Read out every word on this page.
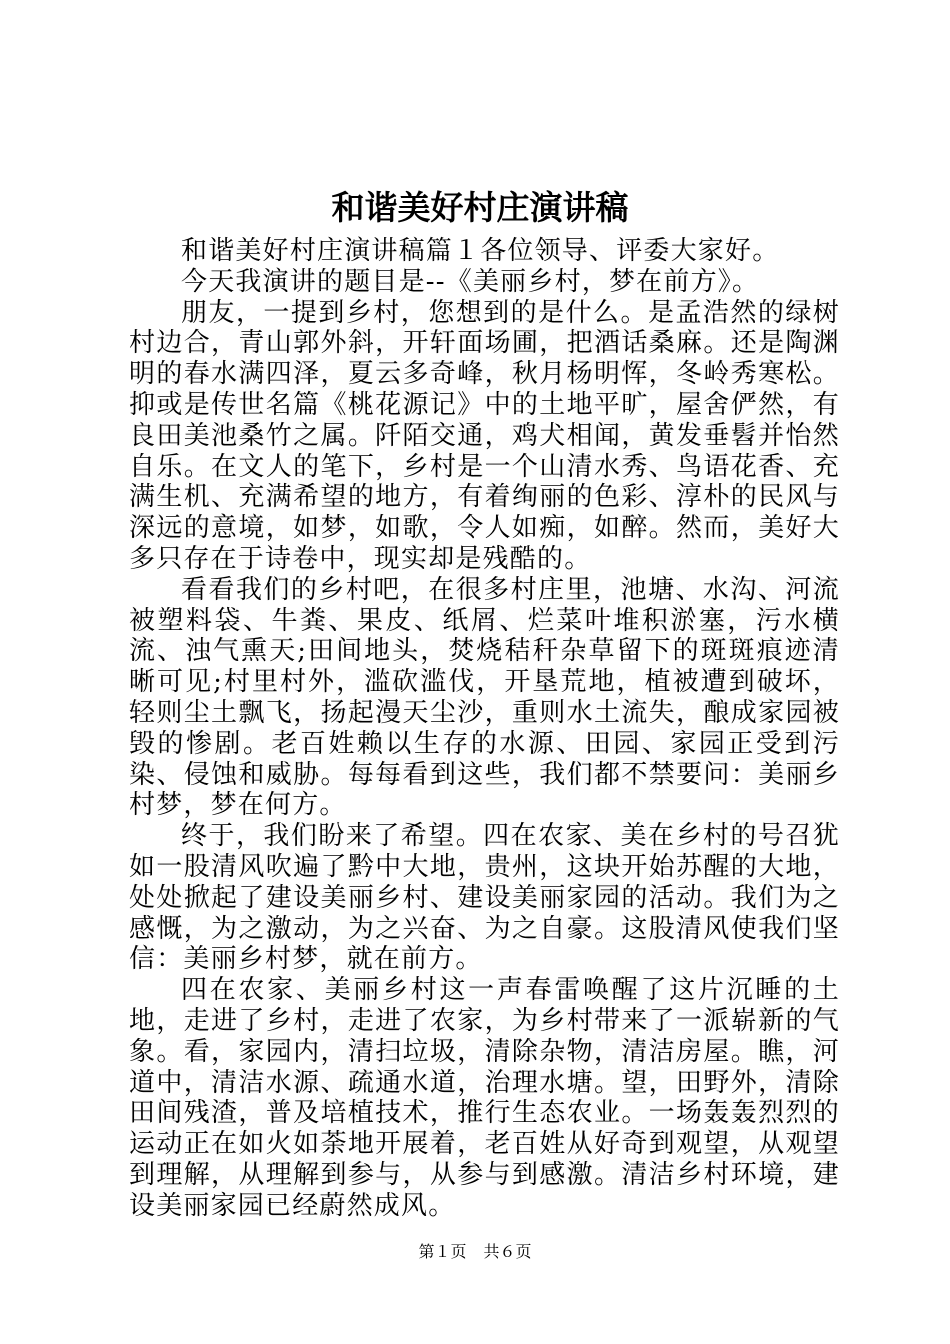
和谐美好村庄演讲稿

和谐美好村庄演讲稿篇１各位领导、评委大家好。

今天我演讲的题目是--《美丽乡村，梦在前方》。

朋友，一提到乡村，您想到的是什么。是孟浩然的绿树村边合，青山郭外斜，开轩面场圃，把酒话桑麻。还是陶渊明的春水满四泽，夏云多奇峰，秋月杨明恽，冬岭秀寒松。抑或是传世名篇《桃花源记》中的土地平旷，屋舍俨然，有良田美池桑竹之属。阡陌交通，鸡犬相闻，黄发垂髫并怡然自乐。在文人的笔下，乡村是一个山清水秀、鸟语花香、充满生机、充满希望的地方，有着绚丽的色彩、淳朴的民风与深远的意境，如梦，如歌，令人如痴，如醉。然而，美好大多只存在于诗卷中，现实却是残酷的。

看看我们的乡村吧，在很多村庄里，池塘、水沟、河流被塑料袋、牛粪、果皮、纸屑、烂菜叶堆积淤塞，污水横流、浊气熏天;田间地头，焚烧秸秆杂草留下的斑斑痕迹清晰可见;村里村外，滥砍滥伐，开垦荒地，植被遭到破坏，轻则尘土飘飞，扬起漫天尘沙，重则水土流失，酿成家园被毁的惨剧。老百姓赖以生存的水源、田园、家园正受到污染、侵蚀和威胁。每每看到这些，我们都不禁要问：美丽乡村梦，梦在何方。

终于，我们盼来了希望。四在农家、美在乡村的号召犹如一股清风吹遍了黔中大地，贵州，这块开始苏醒的大地，处处掀起了建设美丽乡村、建设美丽家园的活动。我们为之感慨，为之激动，为之兴奋、为之自豪。这股清风使我们坚信：美丽乡村梦，就在前方。

四在农家、美丽乡村这一声春雷唤醒了这片沉睡的土地，走进了乡村，走进了农家，为乡村带来了一派崭新的气象。看，家园内，清扫垃圾，清除杂物，清洁房屋。瞧，河道中，清洁水源、疏通水道，治理水塘。望，田野外，清除田间残渣，普及培植技术，推行生态农业。一场轰轰烈烈的运动正在如火如荼地开展着，老百姓从好奇到观望，从观望到理解，从理解到参与，从参与到感激。清洁乡村环境，建设美丽家园已经蔚然成风。

第１页 共６页
